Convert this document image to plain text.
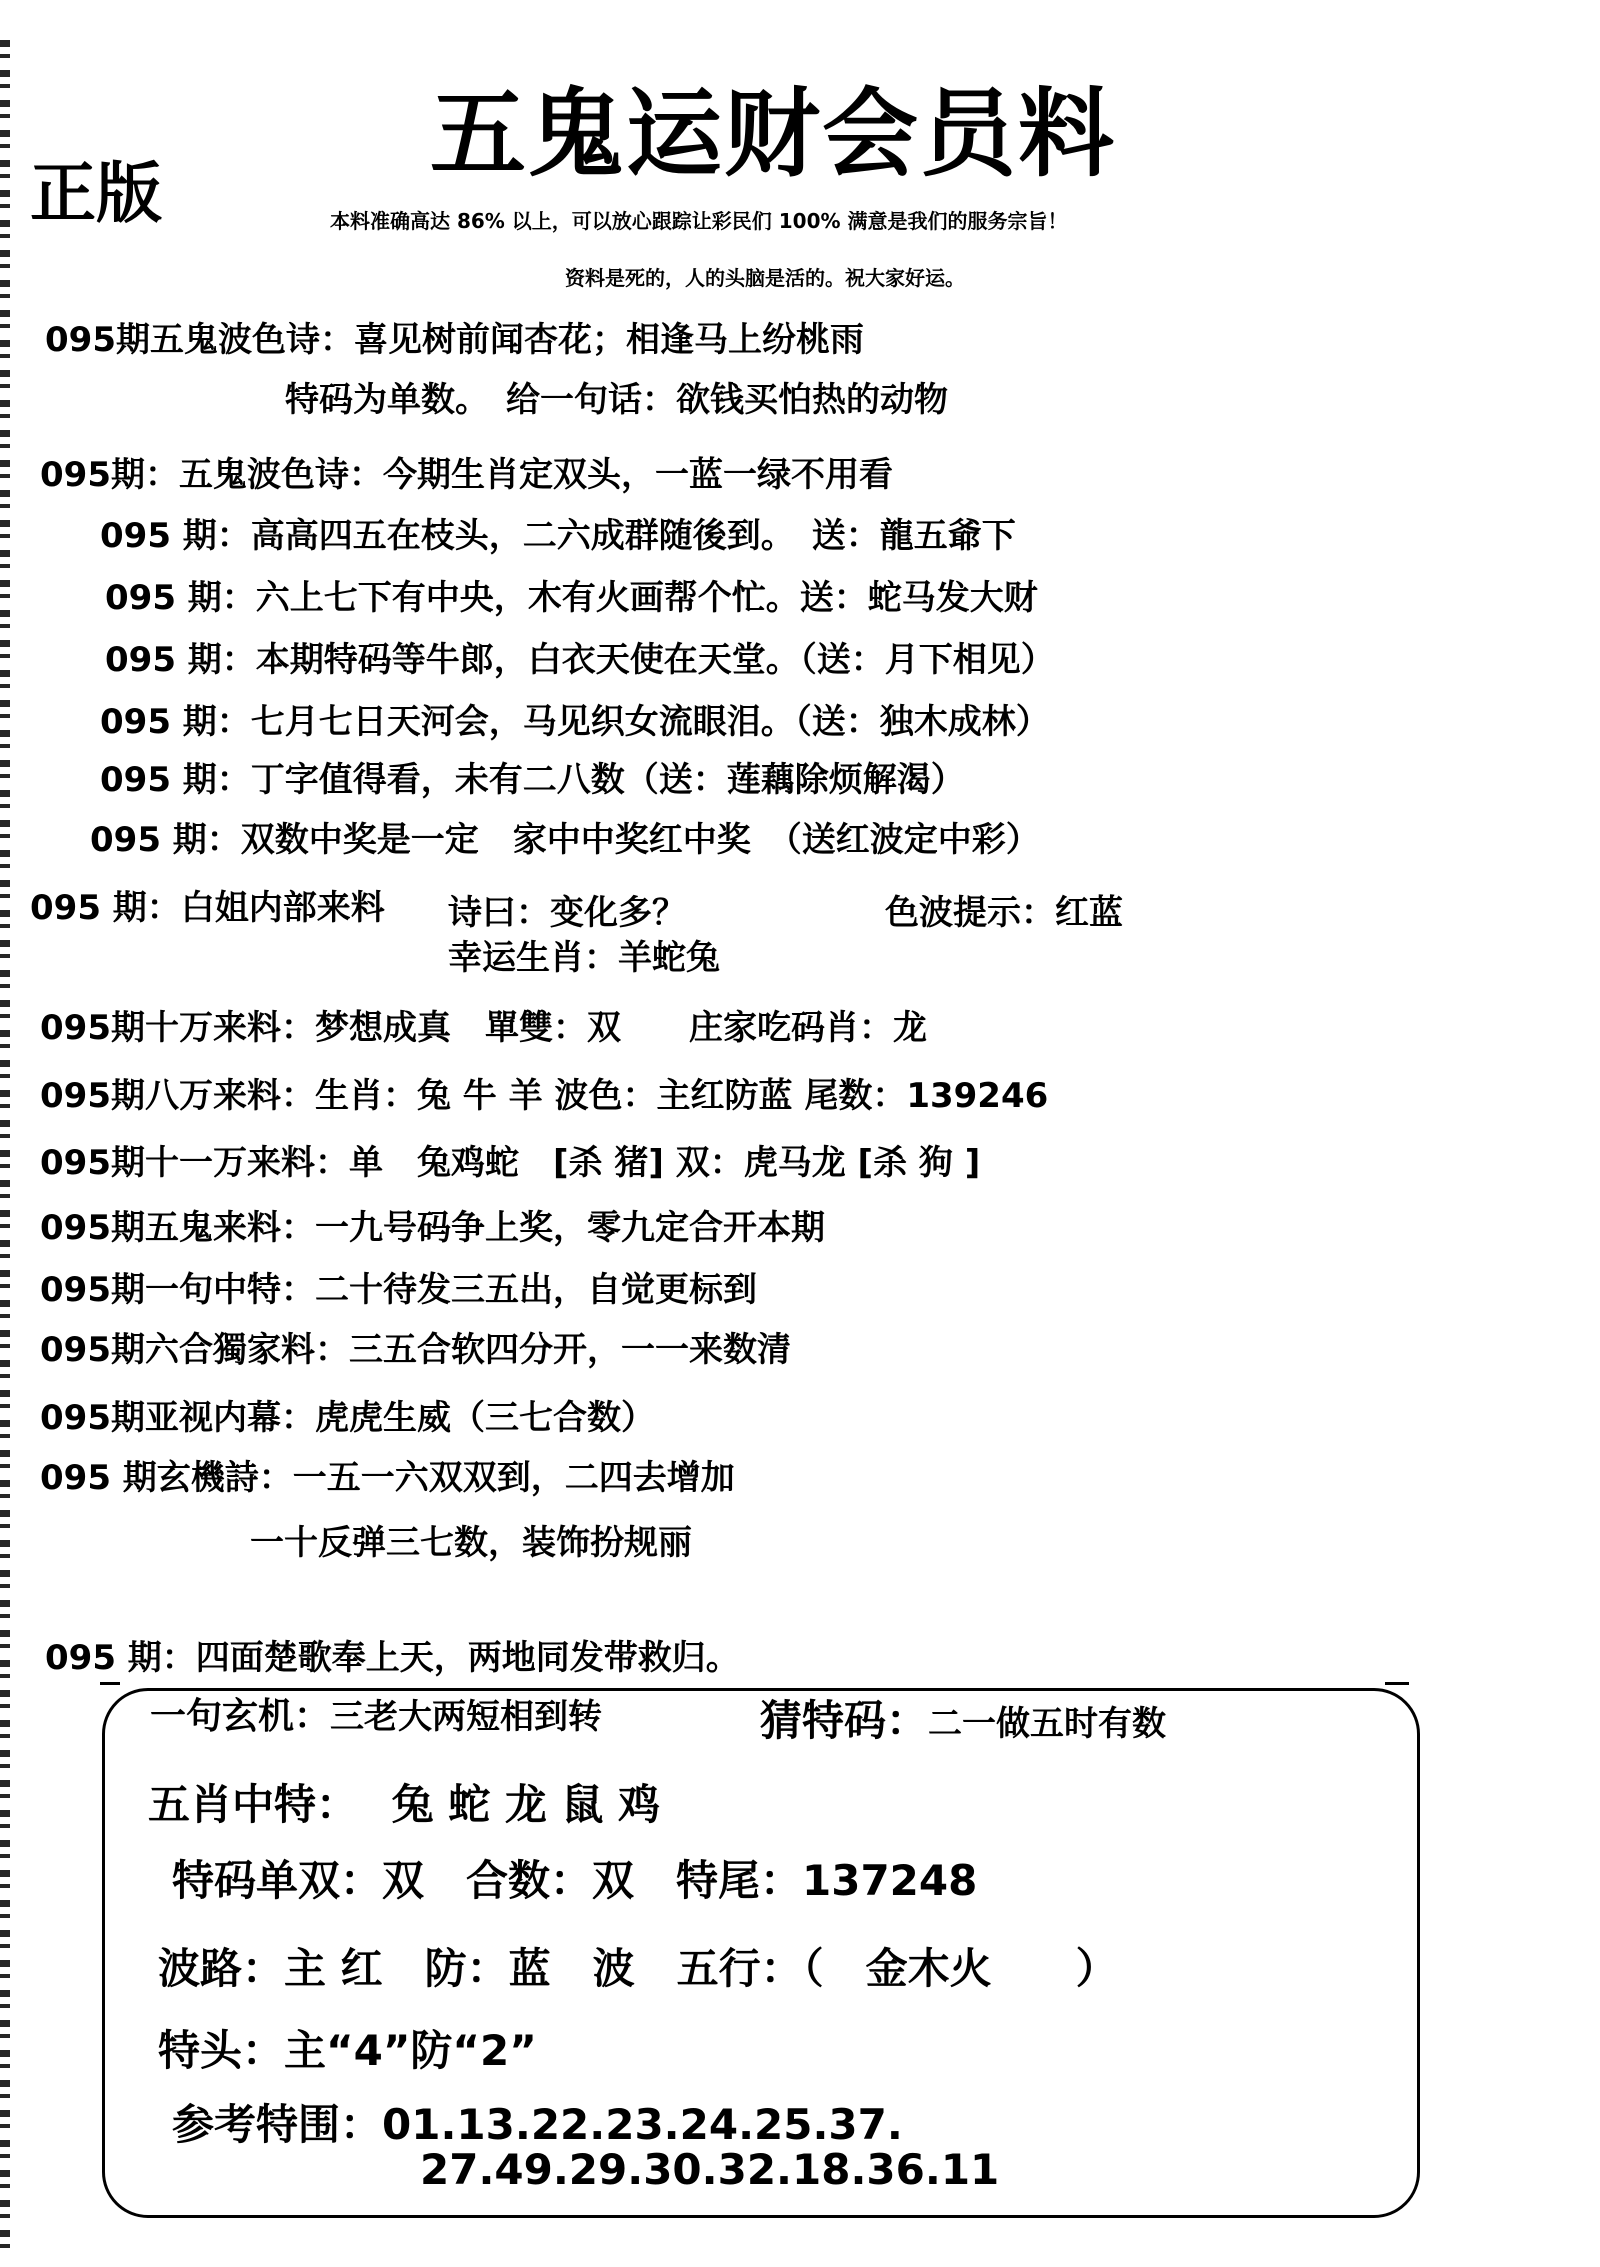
五鬼运财会员料
正版	本料准确高达 86% 以上，可以放心跟踪让彩民们 100% 满意是我们的服务宗旨！
资料是死的，人的头脑是活的。祝大家好运。
095期五鬼波色诗：喜见树前闻杏花；相逢马上纷桃雨
特码为单数。　给一句话：欲钱买怕热的动物
095期：五鬼波色诗：今期生肖定双头，一蓝一绿不用看
095 期：高高四五在枝头，二六成群随後到。　送：龍五爺下
095 期：六上七下有中央，木有火画帮个忙。送：蛇马发大财
095 期：本期特码等牛郎，白衣天使在天堂。（送：月下相见）
095 期：七月七日天河会，马见织女流眼泪。（送：独木成林）
095 期：丁字值得看，未有二八数（送：莲藕除烦解渴）
095 期：双数中奖是一定　家中中奖红中奖　（送红波定中彩）
095 期：白姐内部来料 诗曰：变化多？	色波提示：红蓝
幸运生肖：羊蛇兔
095期十万来料：梦想成真　單雙：双　　庄家吃码肖：龙
095期八万来料：生肖：兔 牛 羊 波色：主红防蓝 尾数：139246
095期十一万来料：单　兔鸡蛇　[杀 猪] 双：虎马龙 [杀 狗 ]
095期五鬼来料：一九号码争上奖，零九定合开本期
095期一句中特：二十待发三五出，自觉更标到
095期六合獨家料：三五合软四分开，一一来数清
095期亚视内幕：虎虎生威（三七合数）
095 期玄機詩：一五一六双双到，二四去增加
一十反弹三七数，装饰扮规丽
095 期：四面楚歌奉上天，两地同发带救归。
一句玄机：三老大两短相到转	猜特码：二一做五时有数
五肖中特： 兔 蛇 龙 鼠 鸡
特码单双：双　合数：双　特尾：137248
波路：主 红　防：蓝　波　五行：（　金木火　　）
特头：主“4”防“2”
参考特围：01.13.22.23.24.25.37.
27.49.29.30.32.18.36.11
